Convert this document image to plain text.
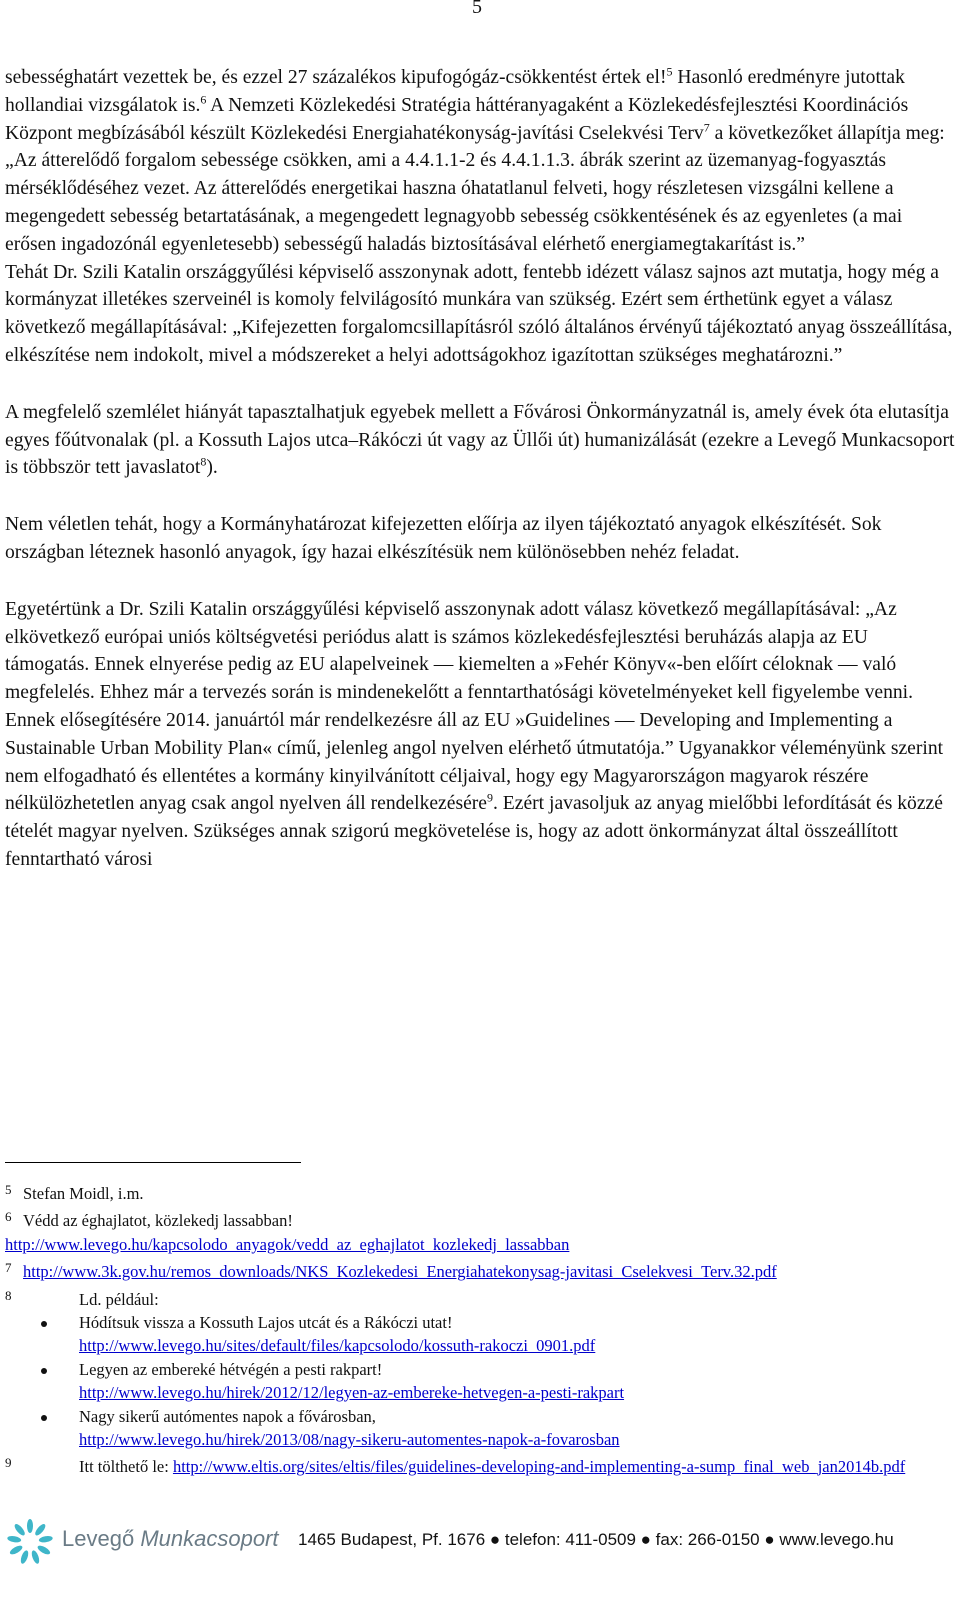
5

sebességhatárt vezettek be, és ezzel 27 százalékos kipufogógáz-csökkentést értek el!$^5$ Hasonló eredményre jutottak hollandiai vizsgálatok is.$^6$ A Nemzeti Közlekedési Stratégia háttéranyagaként a Közlekedésfejlesztési Koordinációs Központ megbízásából készült Közlekedési Energiahatékonyság-javítási Cselekvési Terv$^7$ a következőket állapítja meg: „Az átterelődő forgalom sebessége csökken, ami a 4.4.1.1-2 és 4.4.1.1.3. ábrák szerint az üzemanyag-fogyasztás mérséklődéséhez vezet. Az átterelődés energetikai haszna óhatatlanul felveti, hogy részletesen vizsgálni kellene a megengedett sebesség betartatásának, a megengedett legnagyobb sebesség csökkentésének és az egyenletes (a mai erősen ingadozónál egyenletesebb) sebességű haladás biztosításával elérhető energiamegtakarítást is.”

Tehát Dr. Szili Katalin országgyűlési képviselő asszonynak adott, fentebb idézett válasz sajnos azt mutatja, hogy még a kormányzat illetékes szerveinél is komoly felvilágosító munkára van szükség. Ezért sem érthetünk egyet a válasz következő megállapításával: „Kifejezetten forgalomcsillapításról szóló általános érvényű tájékoztató anyag összeállítása, elkészítése nem indokolt, mivel a módszereket a helyi adottságokhoz igazítottan szükséges meghatározni.”

A megfelelő szemlélet hiányát tapasztalhatjuk egyebek mellett a Fővárosi Önkormányzatnál is, amely évek óta elutasítja egyes főútvonalak (pl. a Kossuth Lajos utca–Rákóczi út vagy az Üllői út) humanizálását (ezekre a Levegő Munkacsoport is többször tett javaslatot$^8$).

Nem véletlen tehát, hogy a Kormányhatározat kifejezetten előírja az ilyen tájékoztató anyagok elkészítését. Sok országban léteznek hasonló anyagok, így hazai elkészítésük nem különösebben nehéz feladat.

Egyetértünk a Dr. Szili Katalin országgyűlési képviselő asszonynak adott válasz következő megállapításával: „Az elkövetkező európai uniós költségvetési periódus alatt is számos közlekedésfejlesztési beruházás alapja az EU támogatás. Ennek elnyerése pedig az EU alapelveinek — kiemelten a »Fehér Könyv«-ben előírt céloknak — való megfelelés. Ehhez már a tervezés során is mindenekelőtt a fenntarthatósági követelményeket kell figyelembe venni. Ennek elősegítésére 2014. januártól már rendelkezésre áll az EU »Guidelines — Developing and Implementing a Sustainable Urban Mobility Plan« című, jelenleg angol nyelven elérhető útmutatója.” Ugyanakkor véleményünk szerint nem elfogadható és ellentétes a kormány kinyilvánított céljaival, hogy egy Magyarországon magyarok részére nélkülözhetetlen anyag csak angol nyelven áll rendelkezésére$^9$. Ezért javasoljuk az anyag mielőbbi lefordítását és közzé tételét magyar nyelven. Szükséges annak szigorú megkövetelése is, hogy az adott önkormányzat által összeállított fenntartható városi

5 Stefan Moidl, i.m.

6 Védd az éghajlatot, közlekedj lassabban!
http://www.levego.hu/kapcsolodo_anyagok/vedd_az_eghajlatot_kozlekedj_lassabban

7 http://www.3k.gov.hu/remos_downloads/NKS_Kozlekedesi_Energiahatekonysag-javitasi_Cselekvesi_Terv.32.pdf

8	Ld. például:

Hódítsuk vissza a Kossuth Lajos utcát és a Rákóczi utat!
http://www.levego.hu/sites/default/files/kapcsolodo/kossuth-rakoczi_0901.pdf
Legyen az embereké hétvégén a pesti rakpart!
http://www.levego.hu/hirek/2012/12/legyen-az-embereke-hetvegen-a-pesti-rakpart
Nagy sikerű autómentes napok a fővárosban,
http://www.levego.hu/hirek/2013/08/nagy-sikeru-automentes-napok-a-fovarosban

9	Itt tölthető le: http://www.eltis.org/sites/eltis/files/guidelines-developing-and-implementing-a-sump_final_web_jan2014b.pdf

Levegő Munkacsoport 1465 Budapest, Pf. 1676 ● telefon: 411-0509 ● fax: 266-0150 ● www.levego.hu
